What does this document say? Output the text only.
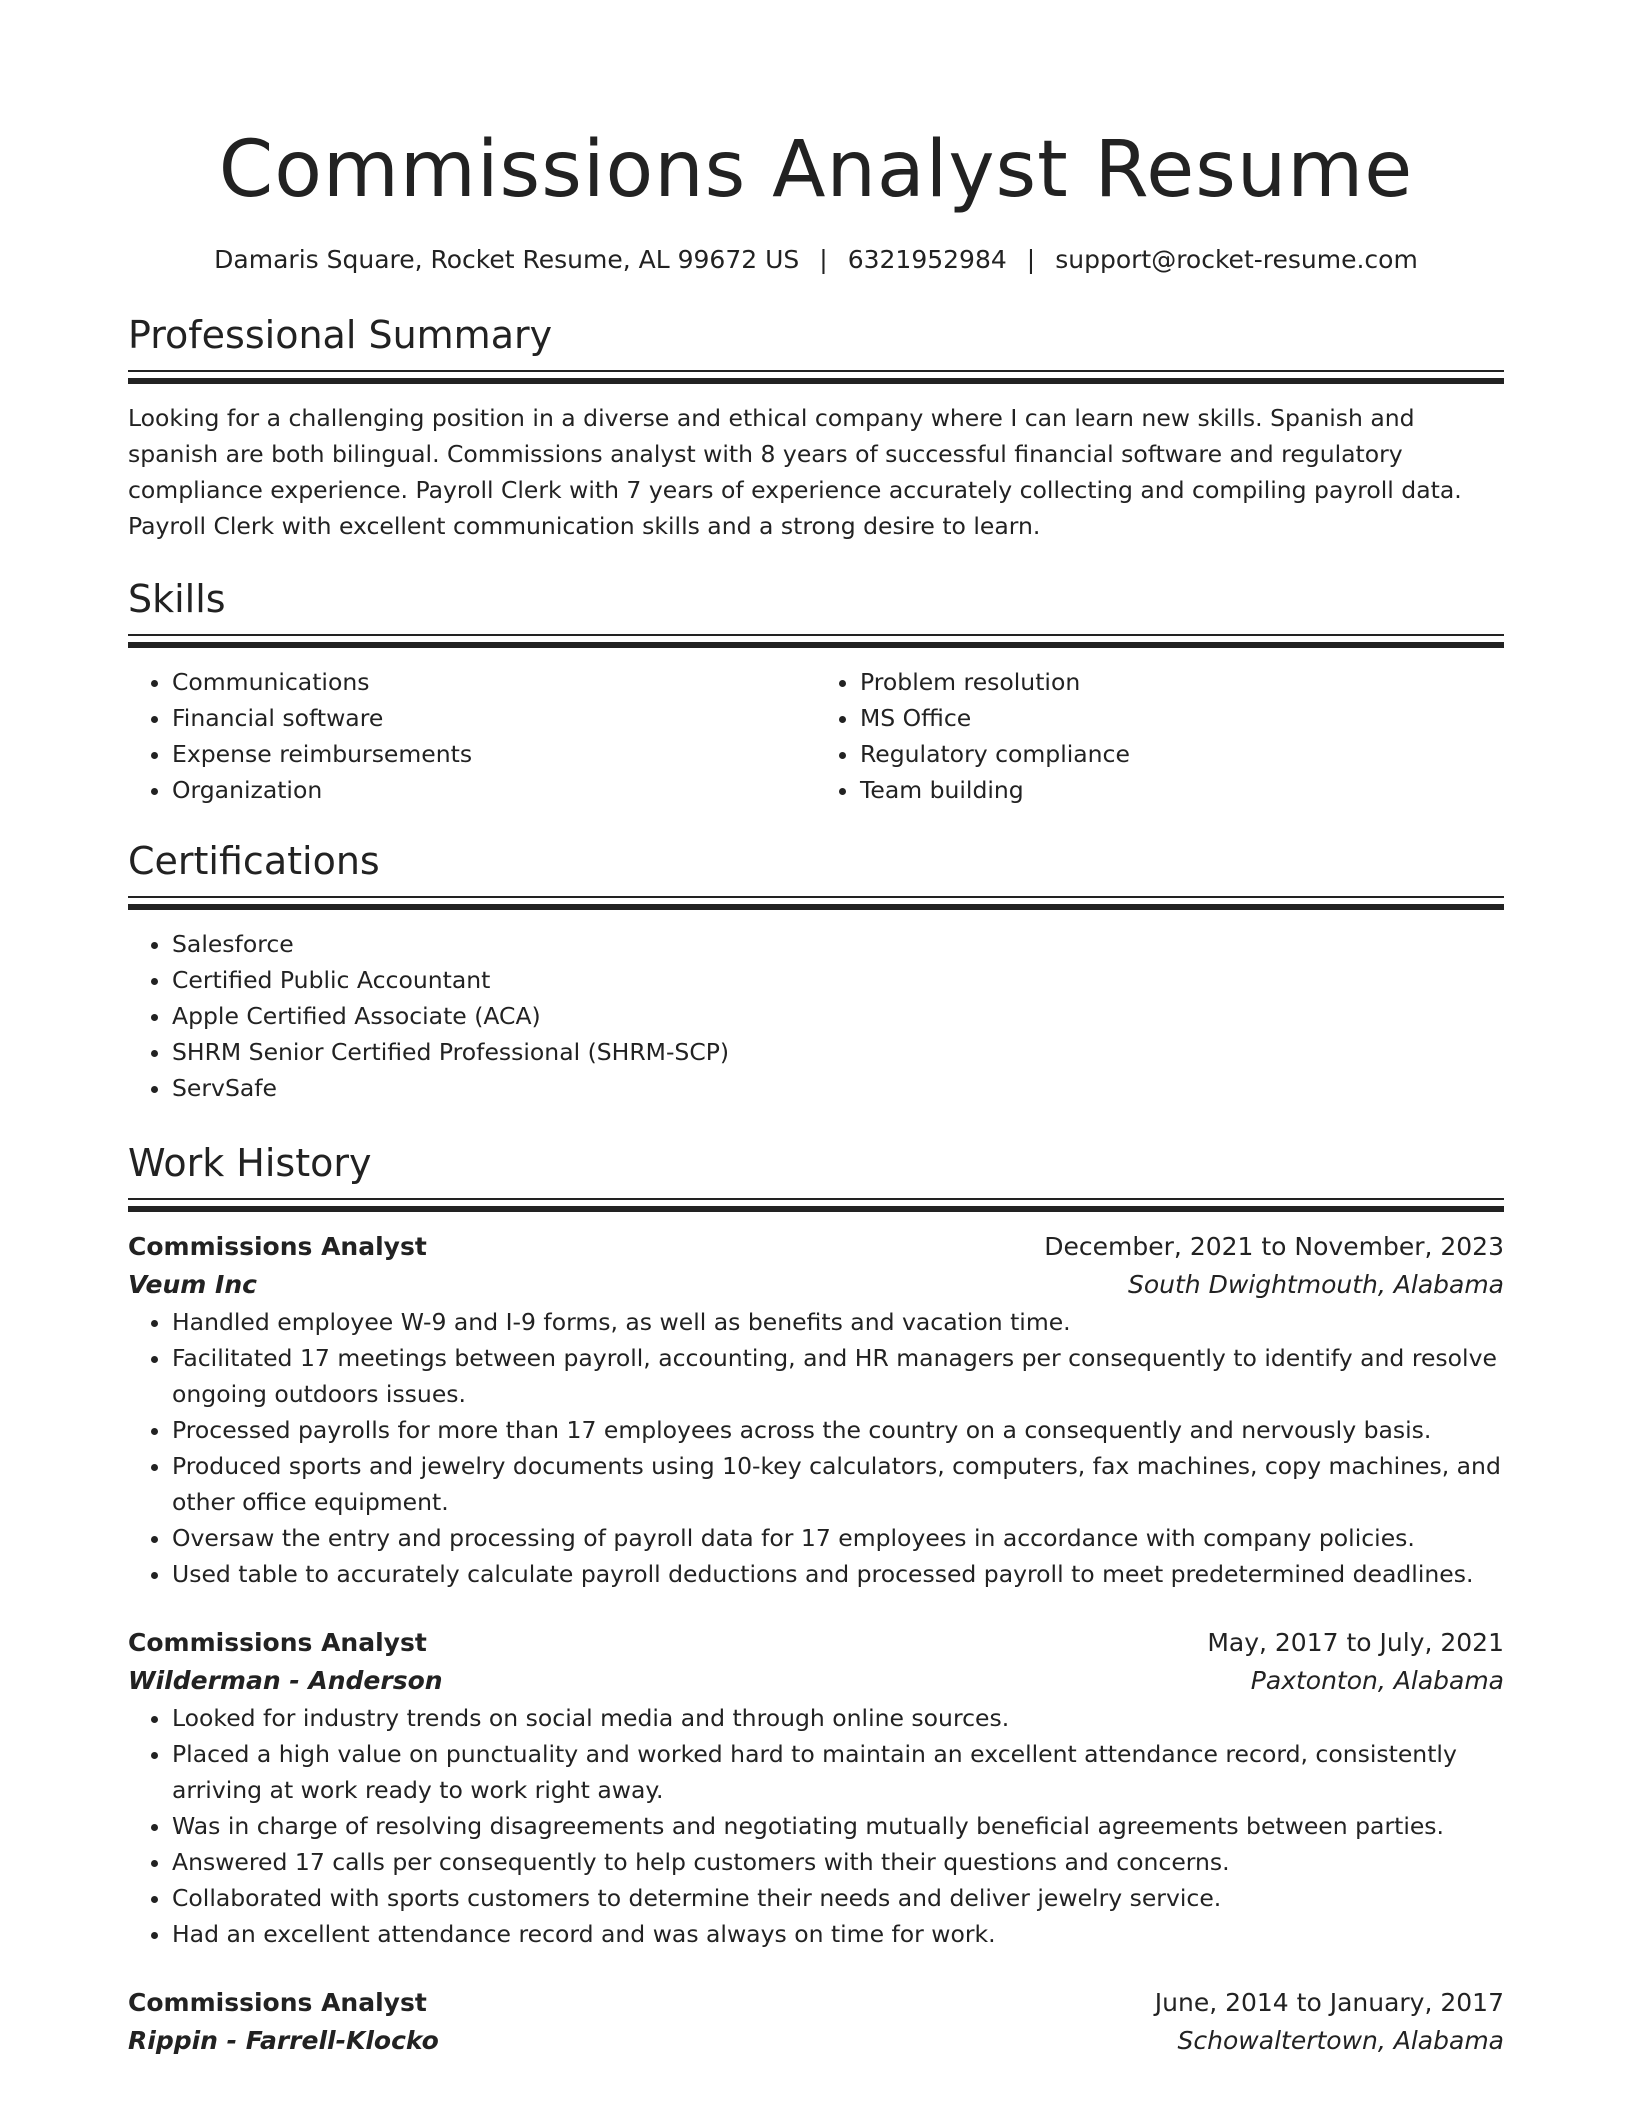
Commissions Analyst Resume
Damaris Square, Rocket Resume, AL 99672 US | 6321952984 | support@rocket-resume.com
Professional Summary

Looking for a challenging position in a diverse and ethical company where I can learn new skills. Spanish and spanish are both bilingual. Commissions analyst with 8 years of successful financial software and regulatory compliance experience. Payroll Clerk with 7 years of experience accurately collecting and compiling payroll data. Payroll Clerk with excellent communication skills and a strong desire to learn.

Skills
• Communications
• Financial software
• Expense reimbursements
• Organization
• Problem resolution
• MS Office
• Regulatory compliance
• Team building
Certifications
• Salesforce
• Certified Public Accountant
• Apple Certified Associate (ACA)
• SHRM Senior Certified Professional (SHRM-SCP)
• ServSafe
Work History
Commissions Analyst	December, 2021 to November, 2023
Veum Inc	South Dwightmouth, Alabama
• Handled employee W-9 and I-9 forms, as well as benefits and vacation time.
• Facilitated 17 meetings between payroll, accounting, and HR managers per consequently to identify and resolve ongoing outdoors issues.
• Processed payrolls for more than 17 employees across the country on a consequently and nervously basis.
• Produced sports and jewelry documents using 10-key calculators, computers, fax machines, copy machines, and other office equipment.
• Oversaw the entry and processing of payroll data for 17 employees in accordance with company policies.
• Used table to accurately calculate payroll deductions and processed payroll to meet predetermined deadlines.
Commissions Analyst	May, 2017 to July, 2021
Wilderman - Anderson	Paxtonton, Alabama
• Looked for industry trends on social media and through online sources.
• Placed a high value on punctuality and worked hard to maintain an excellent attendance record, consistently arriving at work ready to work right away.
• Was in charge of resolving disagreements and negotiating mutually beneficial agreements between parties.
• Answered 17 calls per consequently to help customers with their questions and concerns.
• Collaborated with sports customers to determine their needs and deliver jewelry service.
• Had an excellent attendance record and was always on time for work.
Commissions Analyst	June, 2014 to January, 2017
Rippin - Farrell-Klocko	Schowaltertown, Alabama
